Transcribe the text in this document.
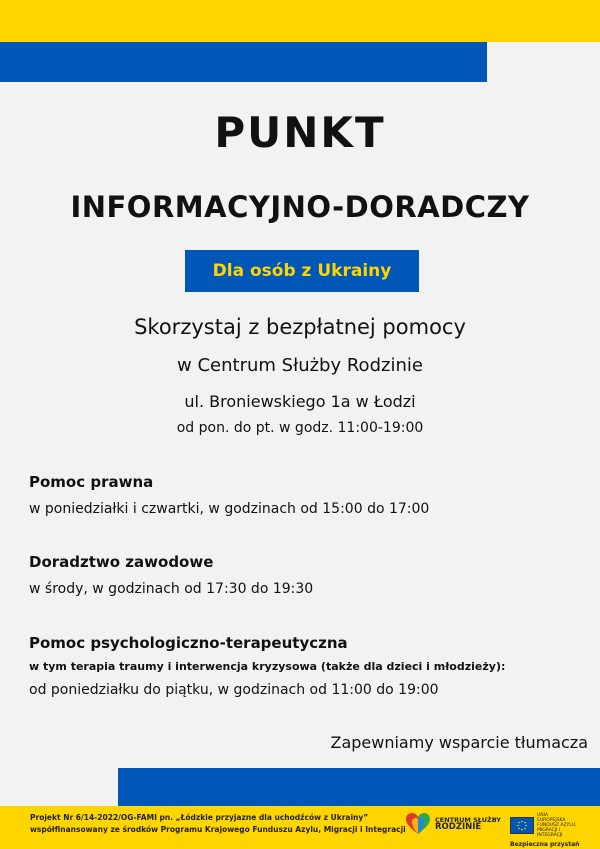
PUNKT
INFORMACYJNO-DORADCZY
Dla osób z Ukrainy
Skorzystaj z bezpłatnej pomocy
w Centrum Służby Rodzinie
ul. Broniewskiego 1a w Łodzi
od pon. do pt. w godz. 11:00-19:00
Pomoc prawna
w poniedziałki i czwartki, w godzinach od 15:00 do 17:00
Doradztwo zawodowe
w środy, w godzinach od 17:30 do 19:30
Pomoc psychologiczno-terapeutyczna
w tym terapia traumy i interwencja kryzysowa (także dla dzieci i młodzieży):
od poniedziałku do piątku, w godzinach od 11:00 do 19:00
Zapewniamy wsparcie tłumacza
Projekt Nr 6/14-2022/OG-FAMI pn. „Łódzkie przyjazne dla uchodźców z Ukrainy”
współfinansowany ze środków Programu Krajowego Funduszu Azylu, Migracji i Integracji
CENTRUM SŁUŻBY
RODZINIE
UNIA EUROPEJSKA FUNDUSZ AZYLU, MIGRACJI I INTEGRACJI
Bezpieczna przystań
